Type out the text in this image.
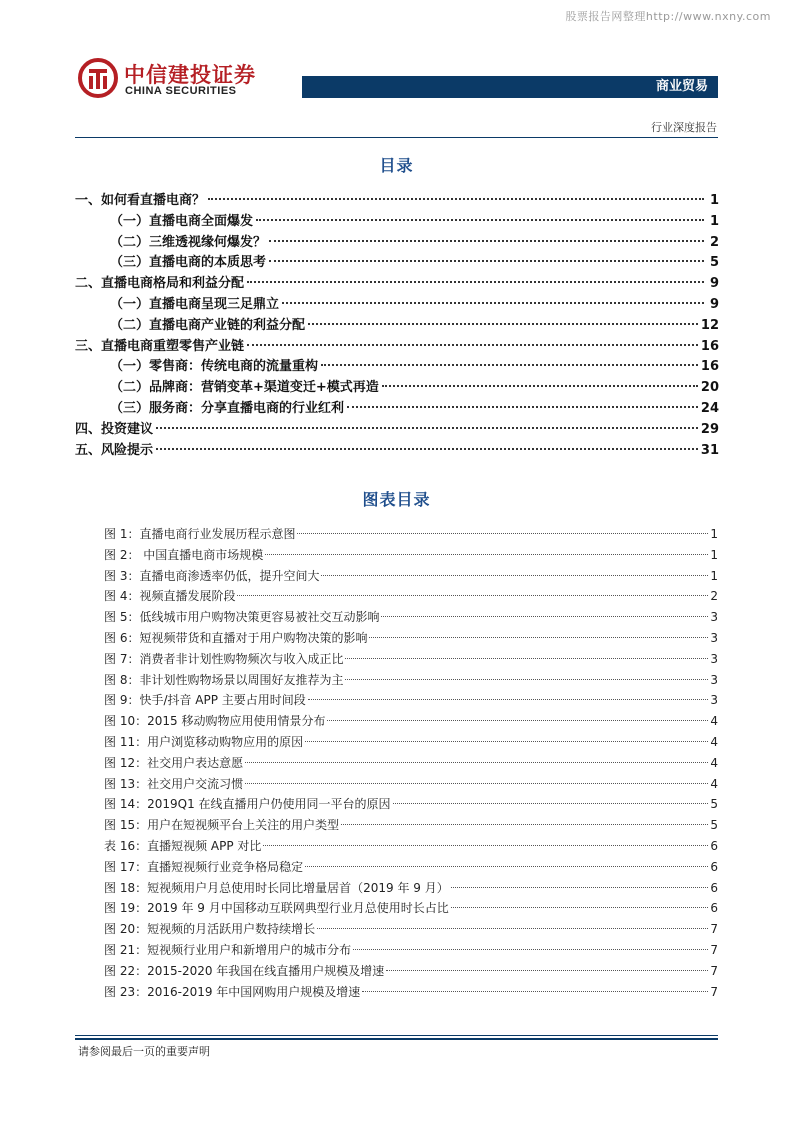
股票报告网整理http://www.nxny.com
中信建投证券
CHINA SECURITIES	商业贸易
行业深度报告
目录
一、如何看直播电商？	1
（一）直播电商全面爆发	1
（二）三维透视缘何爆发？	2
（三）直播电商的本质思考	5
二、直播电商格局和利益分配	9
（一）直播电商呈现三足鼎立	9
（二）直播电商产业链的利益分配	12
三、直播电商重塑零售产业链	16
（一）零售商：传统电商的流量重构	16
（二）品牌商：营销变革+渠道变迁+模式再造	20
（三）服务商：分享直播电商的行业红利	24
四、投资建议	29
五、风险提示	31
图表目录
图 1：直播电商行业发展历程示意图	1
图 2： 中国直播电商市场规模	1
图 3：直播电商渗透率仍低，提升空间大	1
图 4：视频直播发展阶段	2
图 5：低线城市用户购物决策更容易被社交互动影响	3
图 6：短视频带货和直播对于用户购物决策的影响	3
图 7：消费者非计划性购物频次与收入成正比	3
图 8：非计划性购物场景以周围好友推荐为主	3
图 9：快手/抖音 APP 主要占用时间段	3
图 10：2015 移动购物应用使用情景分布	4
图 11：用户浏览移动购物应用的原因	4
图 12：社交用户表达意愿	4
图 13：社交用户交流习惯	4
图 14：2019Q1 在线直播用户仍使用同一平台的原因	5
图 15：用户在短视频平台上关注的用户类型	5
表 16：直播短视频 APP 对比	6
图 17：直播短视频行业竞争格局稳定	6
图 18：短视频用户月总使用时长同比增量居首（2019 年 9 月）	6
图 19：2019 年 9 月中国移动互联网典型行业月总使用时长占比	6
图 20：短视频的月活跃用户数持续增长	7
图 21：短视频行业用户和新增用户的城市分布	7
图 22：2015-2020 年我国在线直播用户规模及增速	7
图 23：2016-2019 年中国网购用户规模及增速	7
请参阅最后一页的重要声明
